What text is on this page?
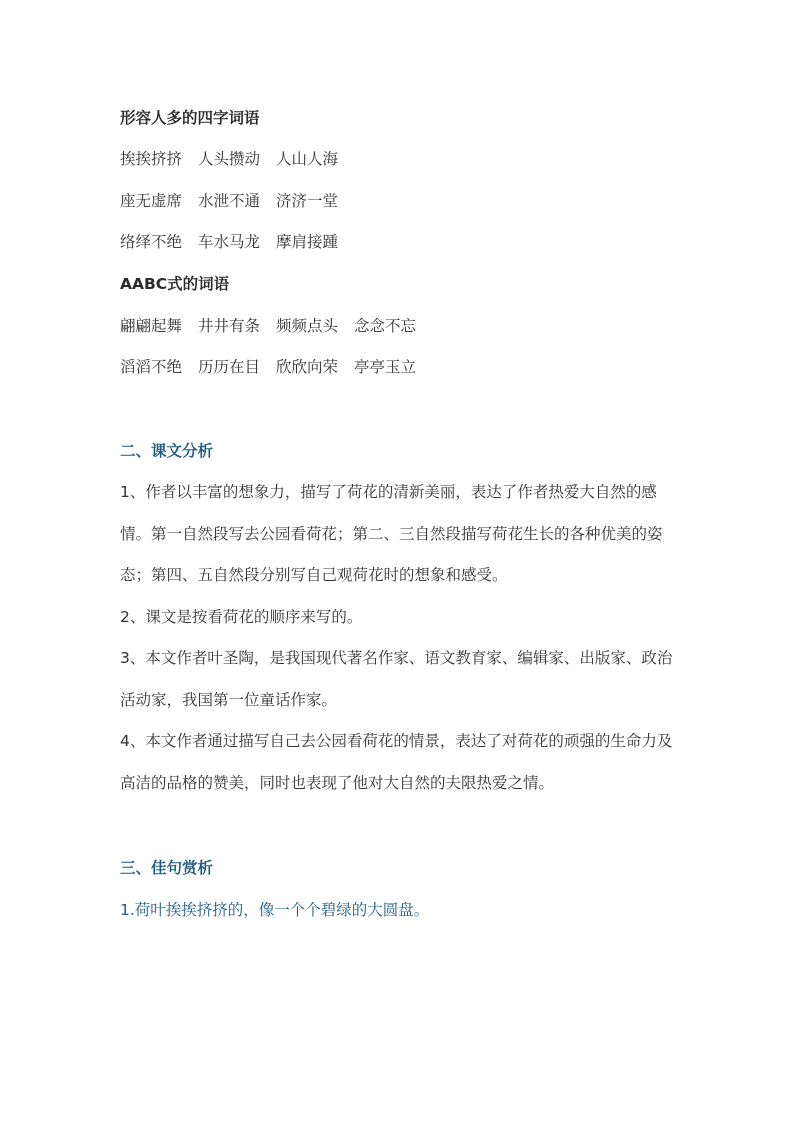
形容人多的四字词语
挨挨挤挤 人头攒动 人山人海
座无虚席 水泄不通 济济一堂
络绎不绝 车水马龙 摩肩接踵
AABC式的词语
翩翩起舞 井井有条 频频点头 念念不忘
滔滔不绝 历历在目 欣欣向荣 亭亭玉立
二、课文分析
1、作者以丰富的想象力，描写了荷花的清新美丽，表达了作者热爱大自然的感情。第一自然段写去公园看荷花；第二、三自然段描写荷花生长的各种优美的姿态；第四、五自然段分别写自己观荷花时的想象和感受。
2、课文是按看荷花的顺序来写的。
3、本文作者叶圣陶，是我国现代著名作家、语文教育家、编辑家、出版家、政治活动家，我国第一位童话作家。
4、本文作者通过描写自己去公园看荷花的情景，表达了对荷花的顽强的生命力及高洁的品格的赞美，同时也表现了他对大自然的夫限热爱之情。
三、佳句赏析
1.荷叶挨挨挤挤的，像一个个碧绿的大圆盘。
